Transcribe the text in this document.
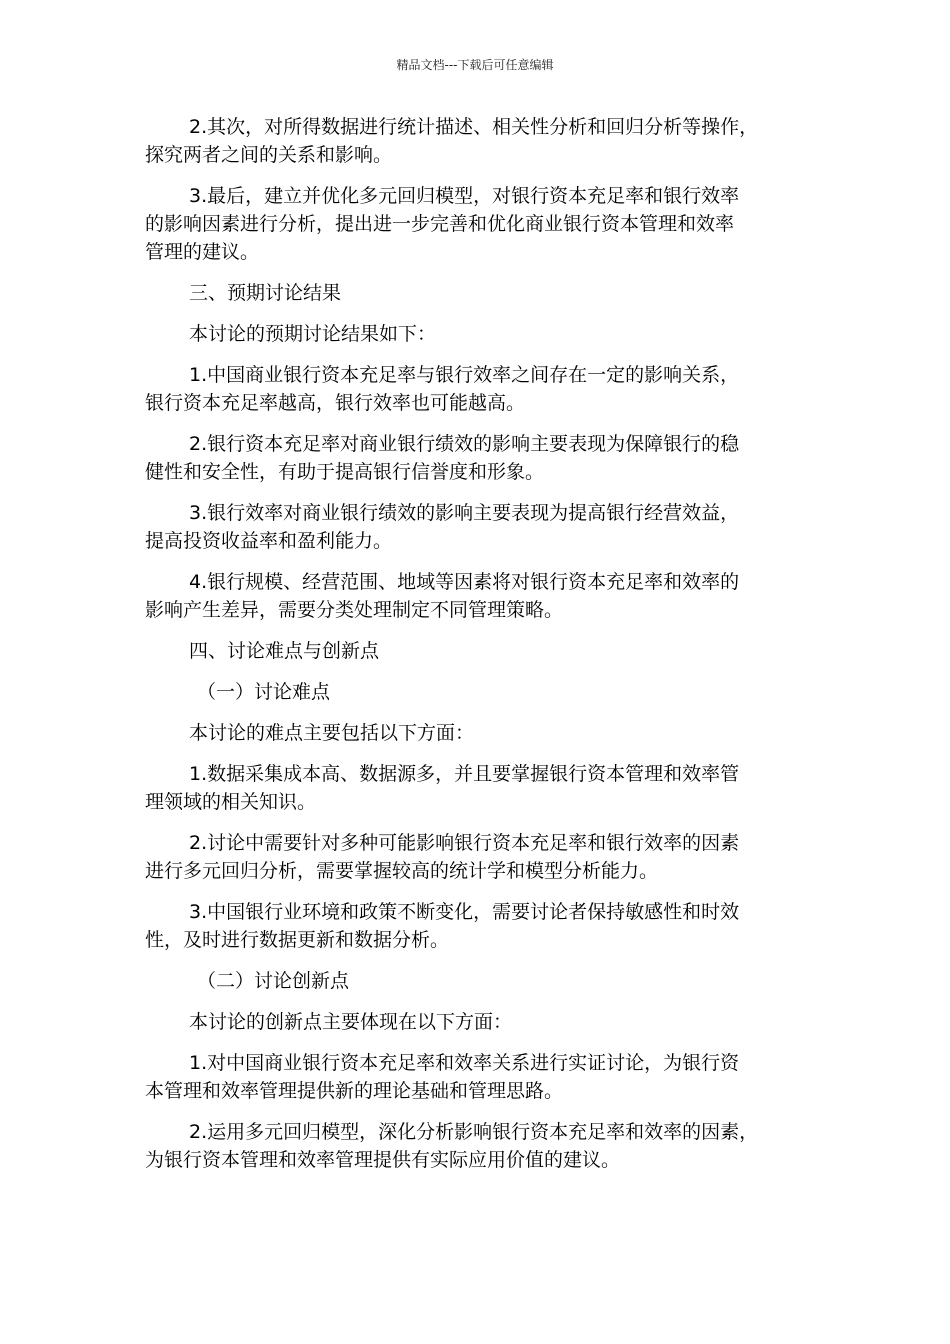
精品文档---下载后可任意编辑
2.其次，对所得数据进行统计描述、相关性分析和回归分析等操作，
探究两者之间的关系和影响。
3.最后，建立并优化多元回归模型，对银行资本充足率和银行效率
的影响因素进行分析，提出进一步完善和优化商业银行资本管理和效率
管理的建议。
三、预期讨论结果
本讨论的预期讨论结果如下：
1.中国商业银行资本充足率与银行效率之间存在一定的影响关系，
银行资本充足率越高，银行效率也可能越高。
2.银行资本充足率对商业银行绩效的影响主要表现为保障银行的稳
健性和安全性，有助于提高银行信誉度和形象。
3.银行效率对商业银行绩效的影响主要表现为提高银行经营效益，
提高投资收益率和盈利能力。
4.银行规模、经营范围、地域等因素将对银行资本充足率和效率的
影响产生差异，需要分类处理制定不同管理策略。
四、讨论难点与创新点
（一）讨论难点
本讨论的难点主要包括以下方面：
1.数据采集成本高、数据源多，并且要掌握银行资本管理和效率管
理领域的相关知识。
2.讨论中需要针对多种可能影响银行资本充足率和银行效率的因素
进行多元回归分析，需要掌握较高的统计学和模型分析能力。
3.中国银行业环境和政策不断变化，需要讨论者保持敏感性和时效
性，及时进行数据更新和数据分析。
（二）讨论创新点
本讨论的创新点主要体现在以下方面：
1.对中国商业银行资本充足率和效率关系进行实证讨论，为银行资
本管理和效率管理提供新的理论基础和管理思路。
2.运用多元回归模型，深化分析影响银行资本充足率和效率的因素，
为银行资本管理和效率管理提供有实际应用价值的建议。
